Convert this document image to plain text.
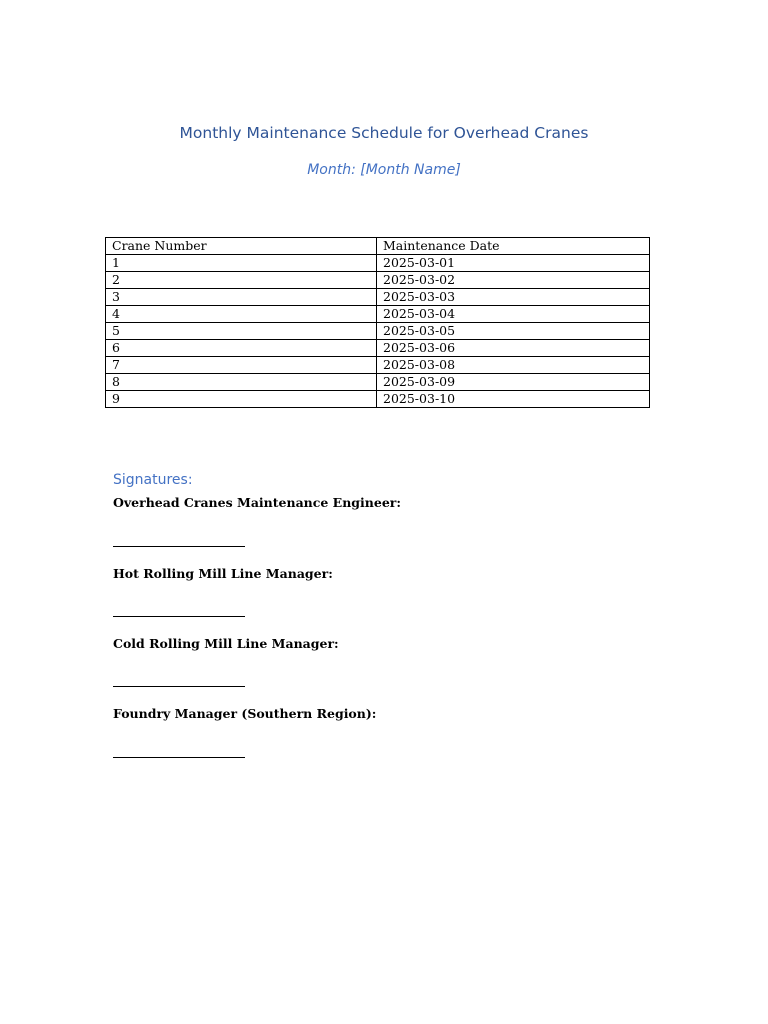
Monthly Maintenance Schedule for Overhead Cranes
Month: [Month Name]
Crane Number	Maintenance Date
1	2025-03-01
2	2025-03-02
3	2025-03-03
4	2025-03-04
5	2025-03-05
6	2025-03-06
7	2025-03-08
8	2025-03-09
9	2025-03-10
Signatures:
Overhead Cranes Maintenance Engineer:
Hot Rolling Mill Line Manager:
Cold Rolling Mill Line Manager:
Foundry Manager (Southern Region):
